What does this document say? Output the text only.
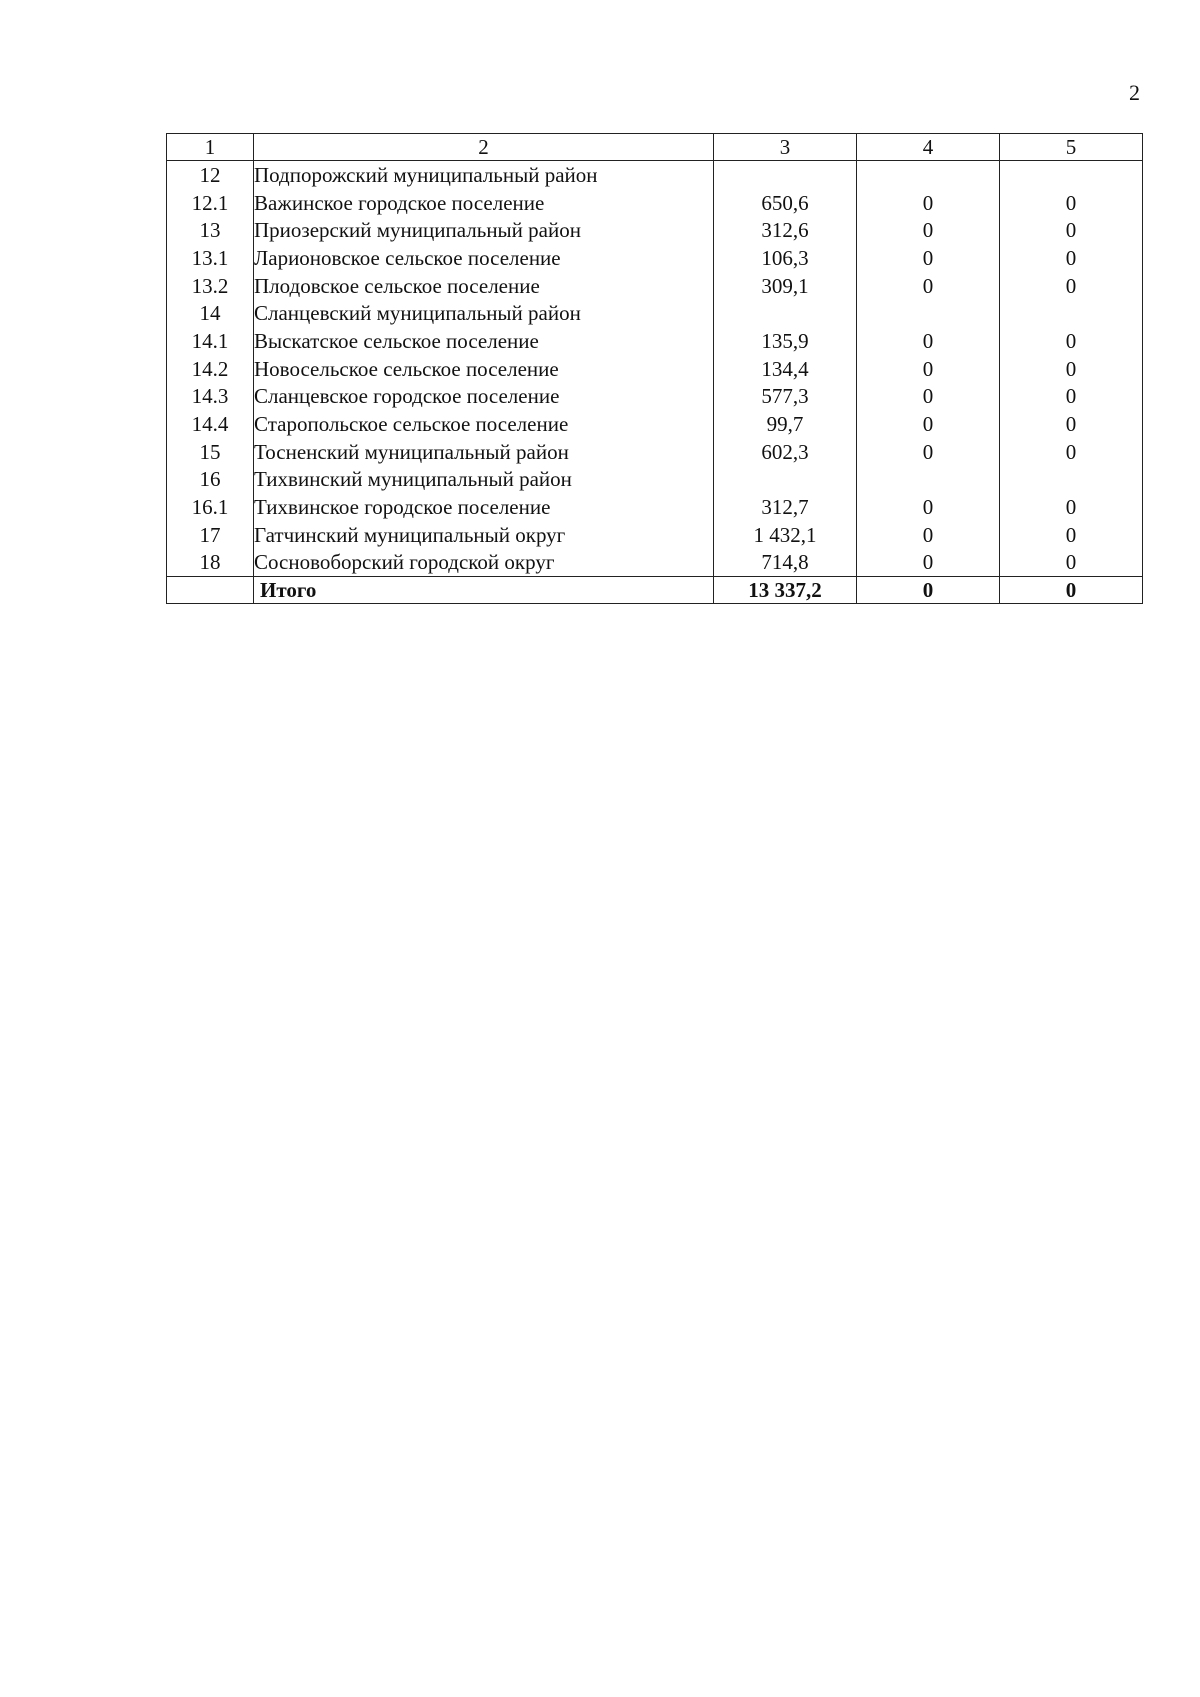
2
1	2	3	4	5
12	Подпорожский муниципальный район			
12.1	Важинское городское поселение	650,6	0	0
13	Приозерский муниципальный район	312,6	0	0
13.1	Ларионовское сельское поселение	106,3	0	0
13.2	Плодовское сельское поселение	309,1	0	0
14	Сланцевский муниципальный район			
14.1	Выскатское сельское поселение	135,9	0	0
14.2	Новосельское сельское поселение	134,4	0	0
14.3	Сланцевское городское поселение	577,3	0	0
14.4	Старопольское сельское поселение	99,7	0	0
15	Тосненский муниципальный район	602,3	0	0
16	Тихвинский муниципальный район			
16.1	Тихвинское городское поселение	312,7	0	0
17	Гатчинский муниципальный округ	1 432,1	0	0
18	Сосновоборский городской округ	714,8	0	0
	Итого	13 337,2	0	0
